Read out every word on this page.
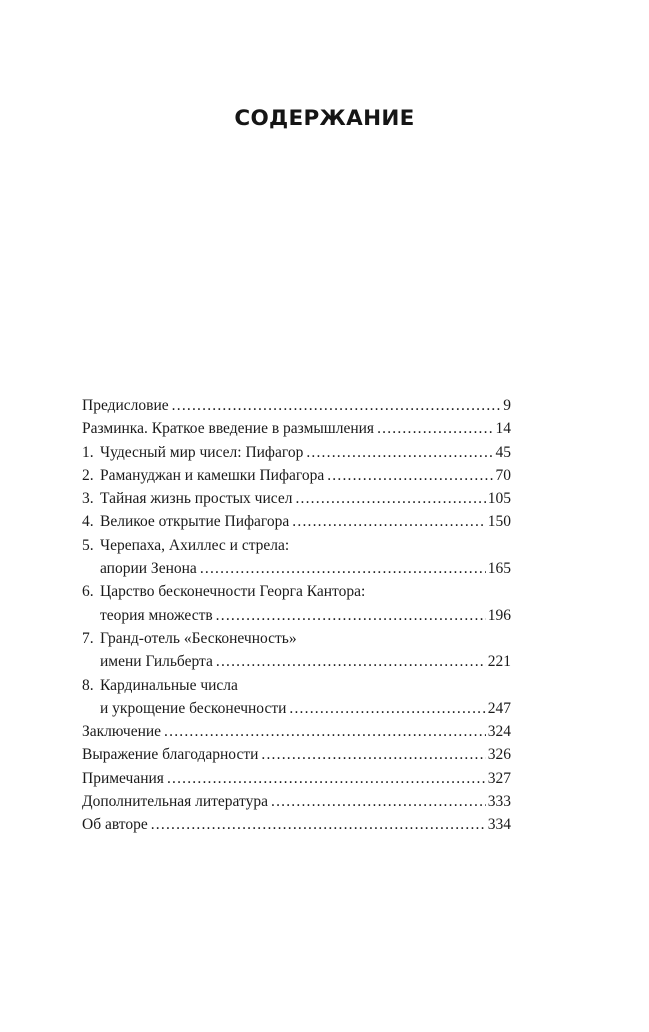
СОДЕРЖАНИЕ
Предисловие .....	9
Разминка. Краткое введение в размышления .....	14
1. Чудесный мир чисел: Пифагор .....	45
2. Рамануджан и камешки Пифагора .....	70
3. Тайная жизнь простых чисел .....	105
4. Великое открытие Пифагора .....	150
5. Черепаха, Ахиллес и стрела:
апории Зенона .....	165
6. Царство бесконечности Георга Кантора:
теория множеств .....	196
7. Гранд-отель «Бесконечность»
имени Гильберта .....	221
8. Кардинальные числа
и укрощение бесконечности .....	247
Заключение .....	324
Выражение благодарности .....	326
Примечания .....	327
Дополнительная литература .....	333
Об авторе .....	334
